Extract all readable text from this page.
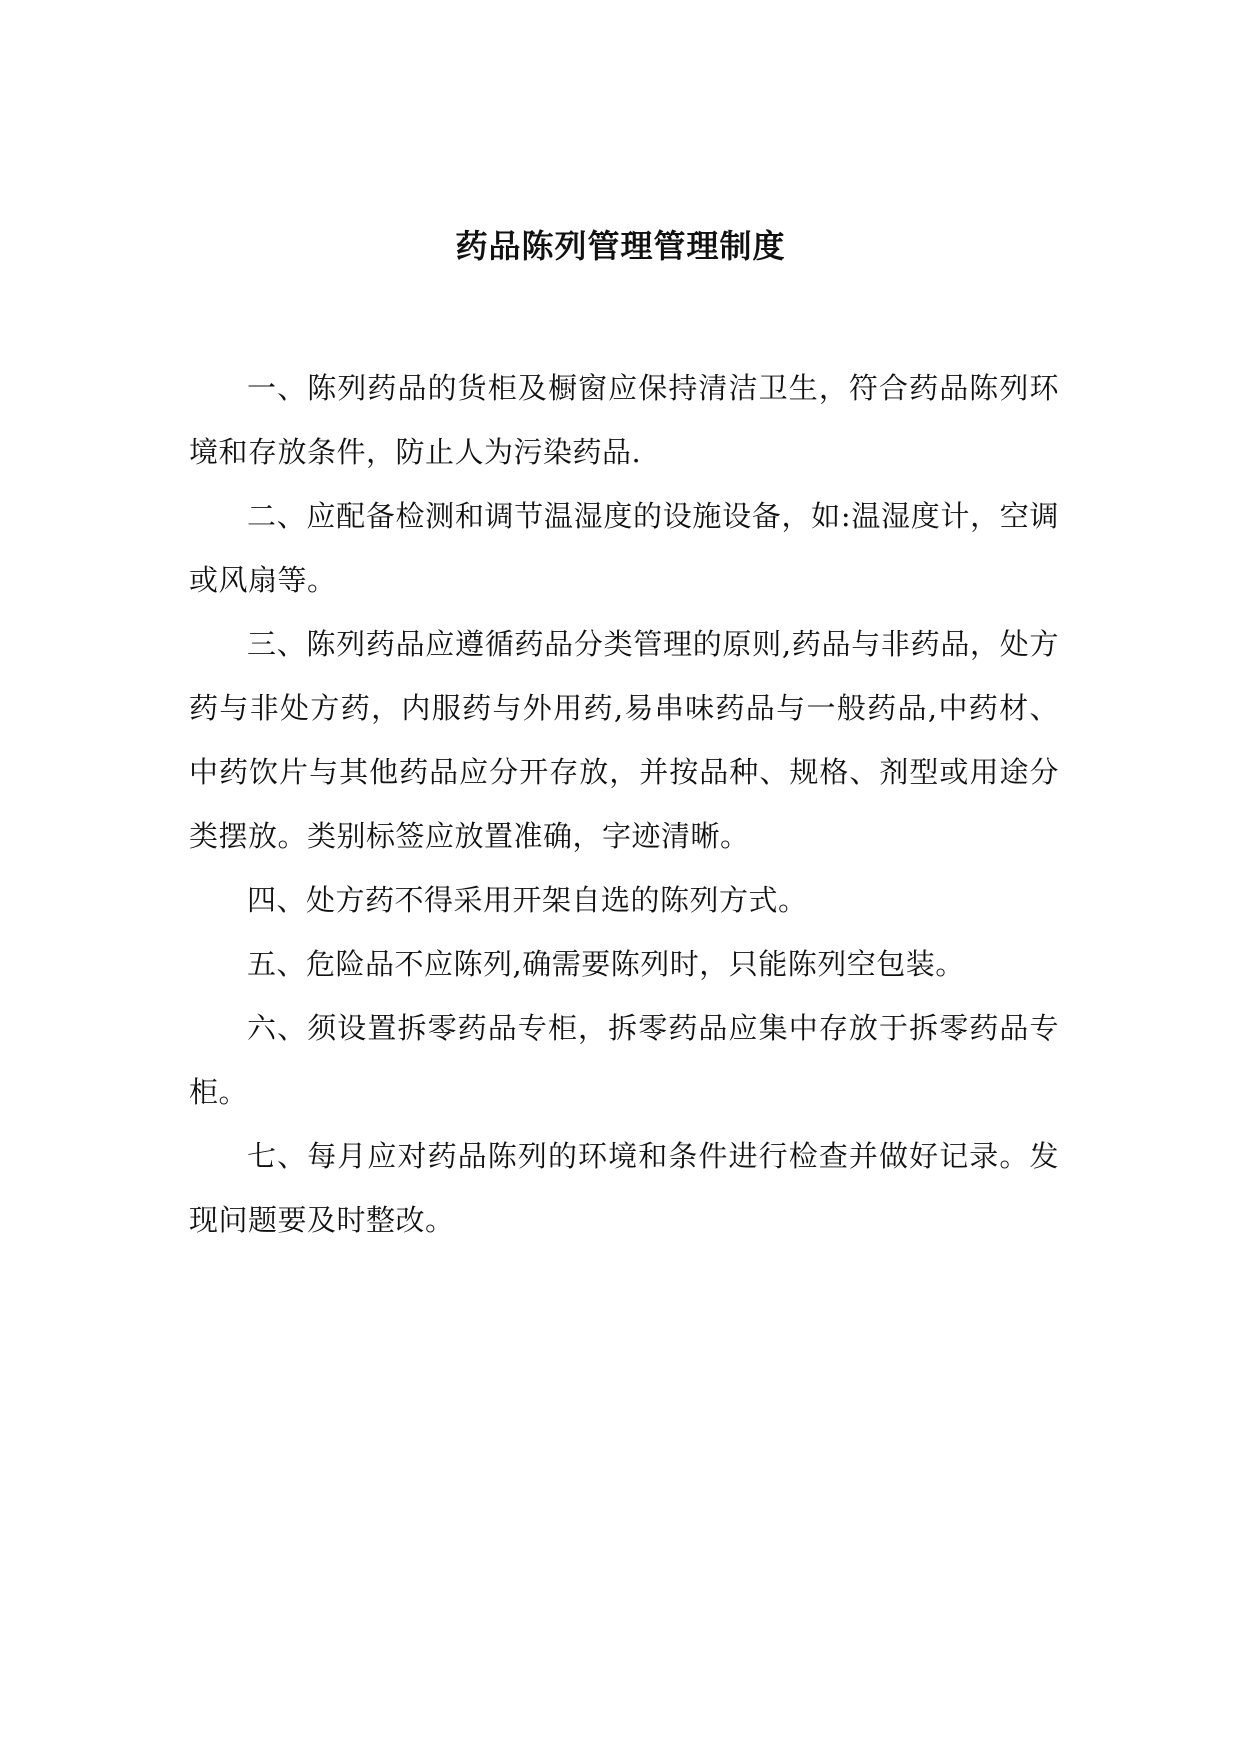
药品陈列管理管理制度

一、陈列药品的货柜及橱窗应保持清洁卫生，符合药品陈列环境和存放条件，防止人为污染药品.

二、应配备检测和调节温湿度的设施设备，如:温湿度计，空调或风扇等。

三、陈列药品应遵循药品分类管理的原则,药品与非药品，处方药与非处方药，内服药与外用药,易串味药品与一般药品,中药材、中药饮片与其他药品应分开存放，并按品种、规格、剂型或用途分类摆放。类别标签应放置准确，字迹清晰。

四、处方药不得采用开架自选的陈列方式。

五、危险品不应陈列,确需要陈列时，只能陈列空包装。

六、须设置拆零药品专柜，拆零药品应集中存放于拆零药品专柜。

七、每月应对药品陈列的环境和条件进行检查并做好记录。发现问题要及时整改。
